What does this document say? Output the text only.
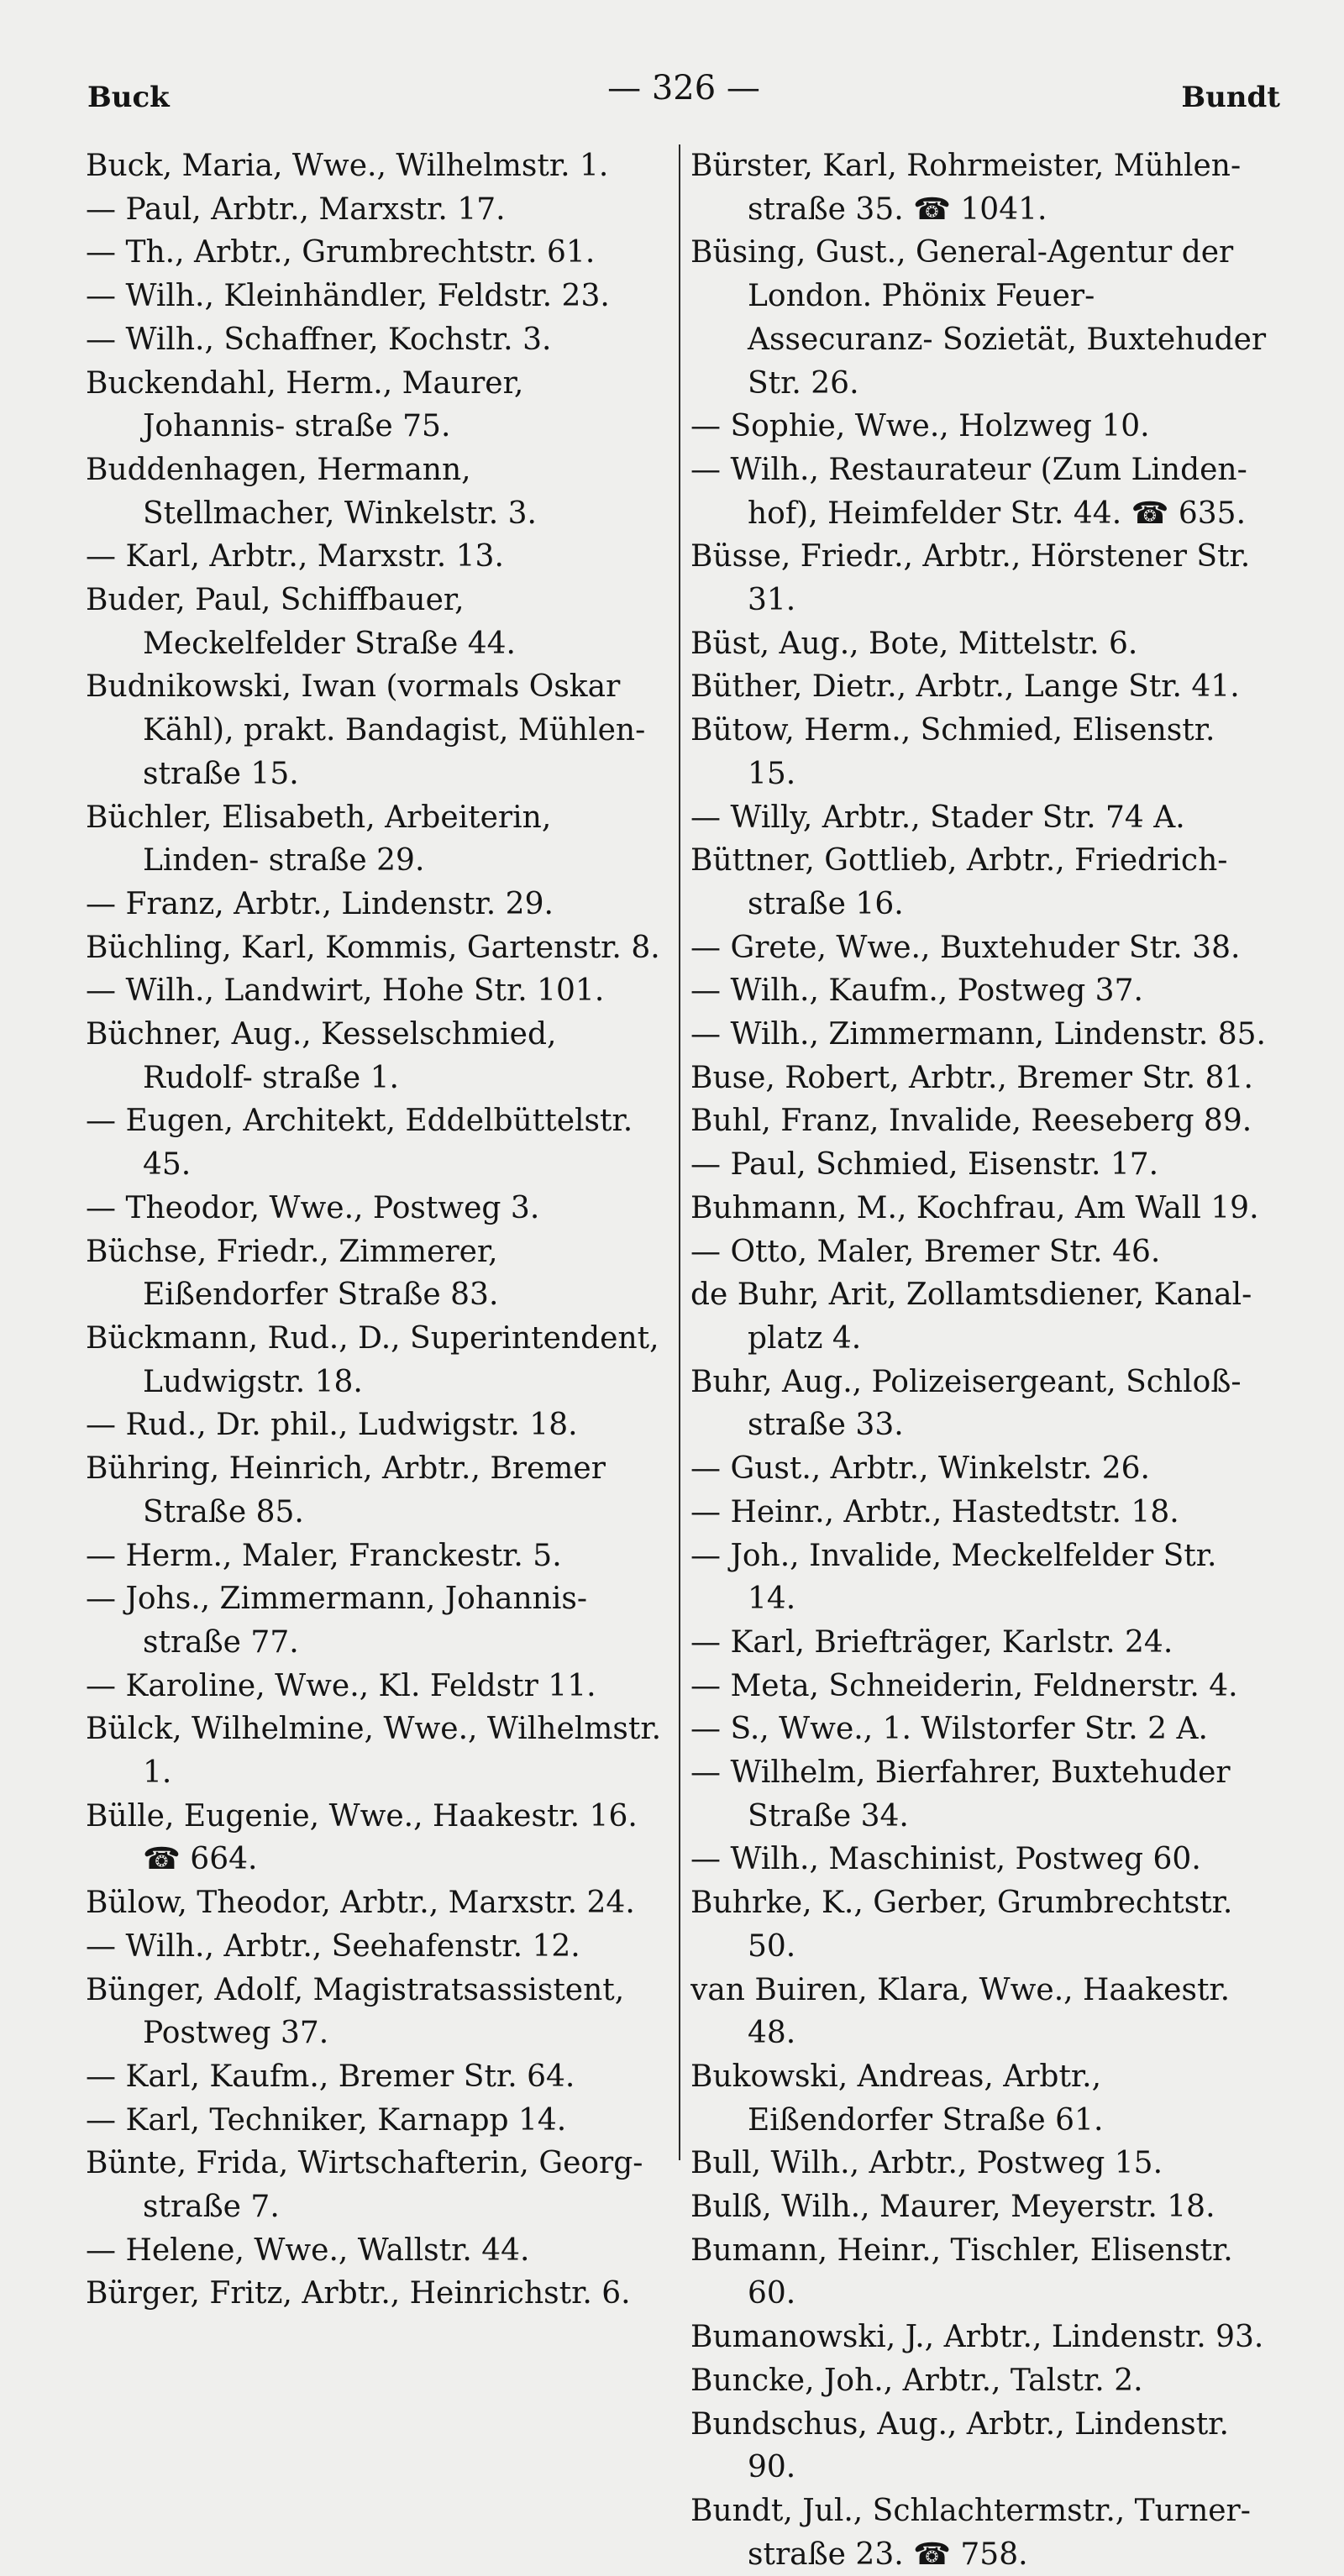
Buck	— 326 —	Bundt
Buck, Maria, Wwe., Wilhelmstr. 1.
— Paul, Arbtr., Marxstr. 17.
— Th., Arbtr., Grumbrechtstr. 61.
— Wilh., Kleinhändler, Feldstr. 23.
— Wilh., Schaffner, Kochstr. 3.
Buckendahl, Herm., Maurer, Johannis- straße 75.
Buddenhagen, Hermann, Stellmacher, Winkelstr. 3.
— Karl, Arbtr., Marxstr. 13.
Buder, Paul, Schiffbauer, Meckelfelder Straße 44.
Budnikowski, Iwan (vormals Oskar Kähl), prakt. Bandagist, Mühlen- straße 15.
Büchler, Elisabeth, Arbeiterin, Linden- straße 29.
— Franz, Arbtr., Lindenstr. 29.
Büchling, Karl, Kommis, Gartenstr. 8.
— Wilh., Landwirt, Hohe Str. 101.
Büchner, Aug., Kesselschmied, Rudolf- straße 1.
— Eugen, Architekt, Eddelbüttelstr. 45.
— Theodor, Wwe., Postweg 3.
Büchse, Friedr., Zimmerer, Eißendorfer Straße 83.
Bückmann, Rud., D., Superintendent, Ludwigstr. 18.
— Rud., Dr. phil., Ludwigstr. 18.
Bühring, Heinrich, Arbtr., Bremer Straße 85.
— Herm., Maler, Franckestr. 5.
— Johs., Zimmermann, Johannis- straße 77.
— Karoline, Wwe., Kl. Feldstr 11.
Bülck, Wilhelmine, Wwe., Wilhelmstr. 1.
Bülle, Eugenie, Wwe., Haakestr. 16. ☎ 664.
Bülow, Theodor, Arbtr., Marxstr. 24.
— Wilh., Arbtr., Seehafenstr. 12.
Bünger, Adolf, Magistratsassistent, Postweg 37.
— Karl, Kaufm., Bremer Str. 64.
— Karl, Techniker, Karnapp 14.
Bünte, Frida, Wirtschafterin, Georg- straße 7.
— Helene, Wwe., Wallstr. 44.
Bürger, Fritz, Arbtr., Heinrichstr. 6.
Bürster, Karl, Rohrmeister, Mühlen- straße 35. ☎ 1041.
Büsing, Gust., General-Agentur der London. Phönix Feuer-Assecuranz- Sozietät, Buxtehuder Str. 26.
— Sophie, Wwe., Holzweg 10.
— Wilh., Restaurateur (Zum Linden- hof), Heimfelder Str. 44. ☎ 635.
Büsse, Friedr., Arbtr., Hörstener Str. 31.
Büst, Aug., Bote, Mittelstr. 6.
Büther, Dietr., Arbtr., Lange Str. 41.
Bütow, Herm., Schmied, Elisenstr. 15.
— Willy, Arbtr., Stader Str. 74 A.
Büttner, Gottlieb, Arbtr., Friedrich- straße 16.
— Grete, Wwe., Buxtehuder Str. 38.
— Wilh., Kaufm., Postweg 37.
— Wilh., Zimmermann, Lindenstr. 85.
Buse, Robert, Arbtr., Bremer Str. 81.
Buhl, Franz, Invalide, Reeseberg 89.
— Paul, Schmied, Eisenstr. 17.
Buhmann, M., Kochfrau, Am Wall 19.
— Otto, Maler, Bremer Str. 46.
de Buhr, Arit, Zollamtsdiener, Kanal- platz 4.
Buhr, Aug., Polizeisergeant, Schloß- straße 33.
— Gust., Arbtr., Winkelstr. 26.
— Heinr., Arbtr., Hastedtstr. 18.
— Joh., Invalide, Meckelfelder Str. 14.
— Karl, Briefträger, Karlstr. 24.
— Meta, Schneiderin, Feldnerstr. 4.
— S., Wwe., 1. Wilstorfer Str. 2 A.
— Wilhelm, Bierfahrer, Buxtehuder Straße 34.
— Wilh., Maschinist, Postweg 60.
Buhrke, K., Gerber, Grumbrechtstr. 50.
van Buiren, Klara, Wwe., Haakestr. 48.
Bukowski, Andreas, Arbtr., Eißendorfer Straße 61.
Bull, Wilh., Arbtr., Postweg 15.
Bulß, Wilh., Maurer, Meyerstr. 18.
Bumann, Heinr., Tischler, Elisenstr. 60.
Bumanowski, J., Arbtr., Lindenstr. 93.
Buncke, Joh., Arbtr., Talstr. 2.
Bundschus, Aug., Arbtr., Lindenstr. 90.
Bundt, Jul., Schlachtermstr., Turner- straße 23. ☎ 758.
